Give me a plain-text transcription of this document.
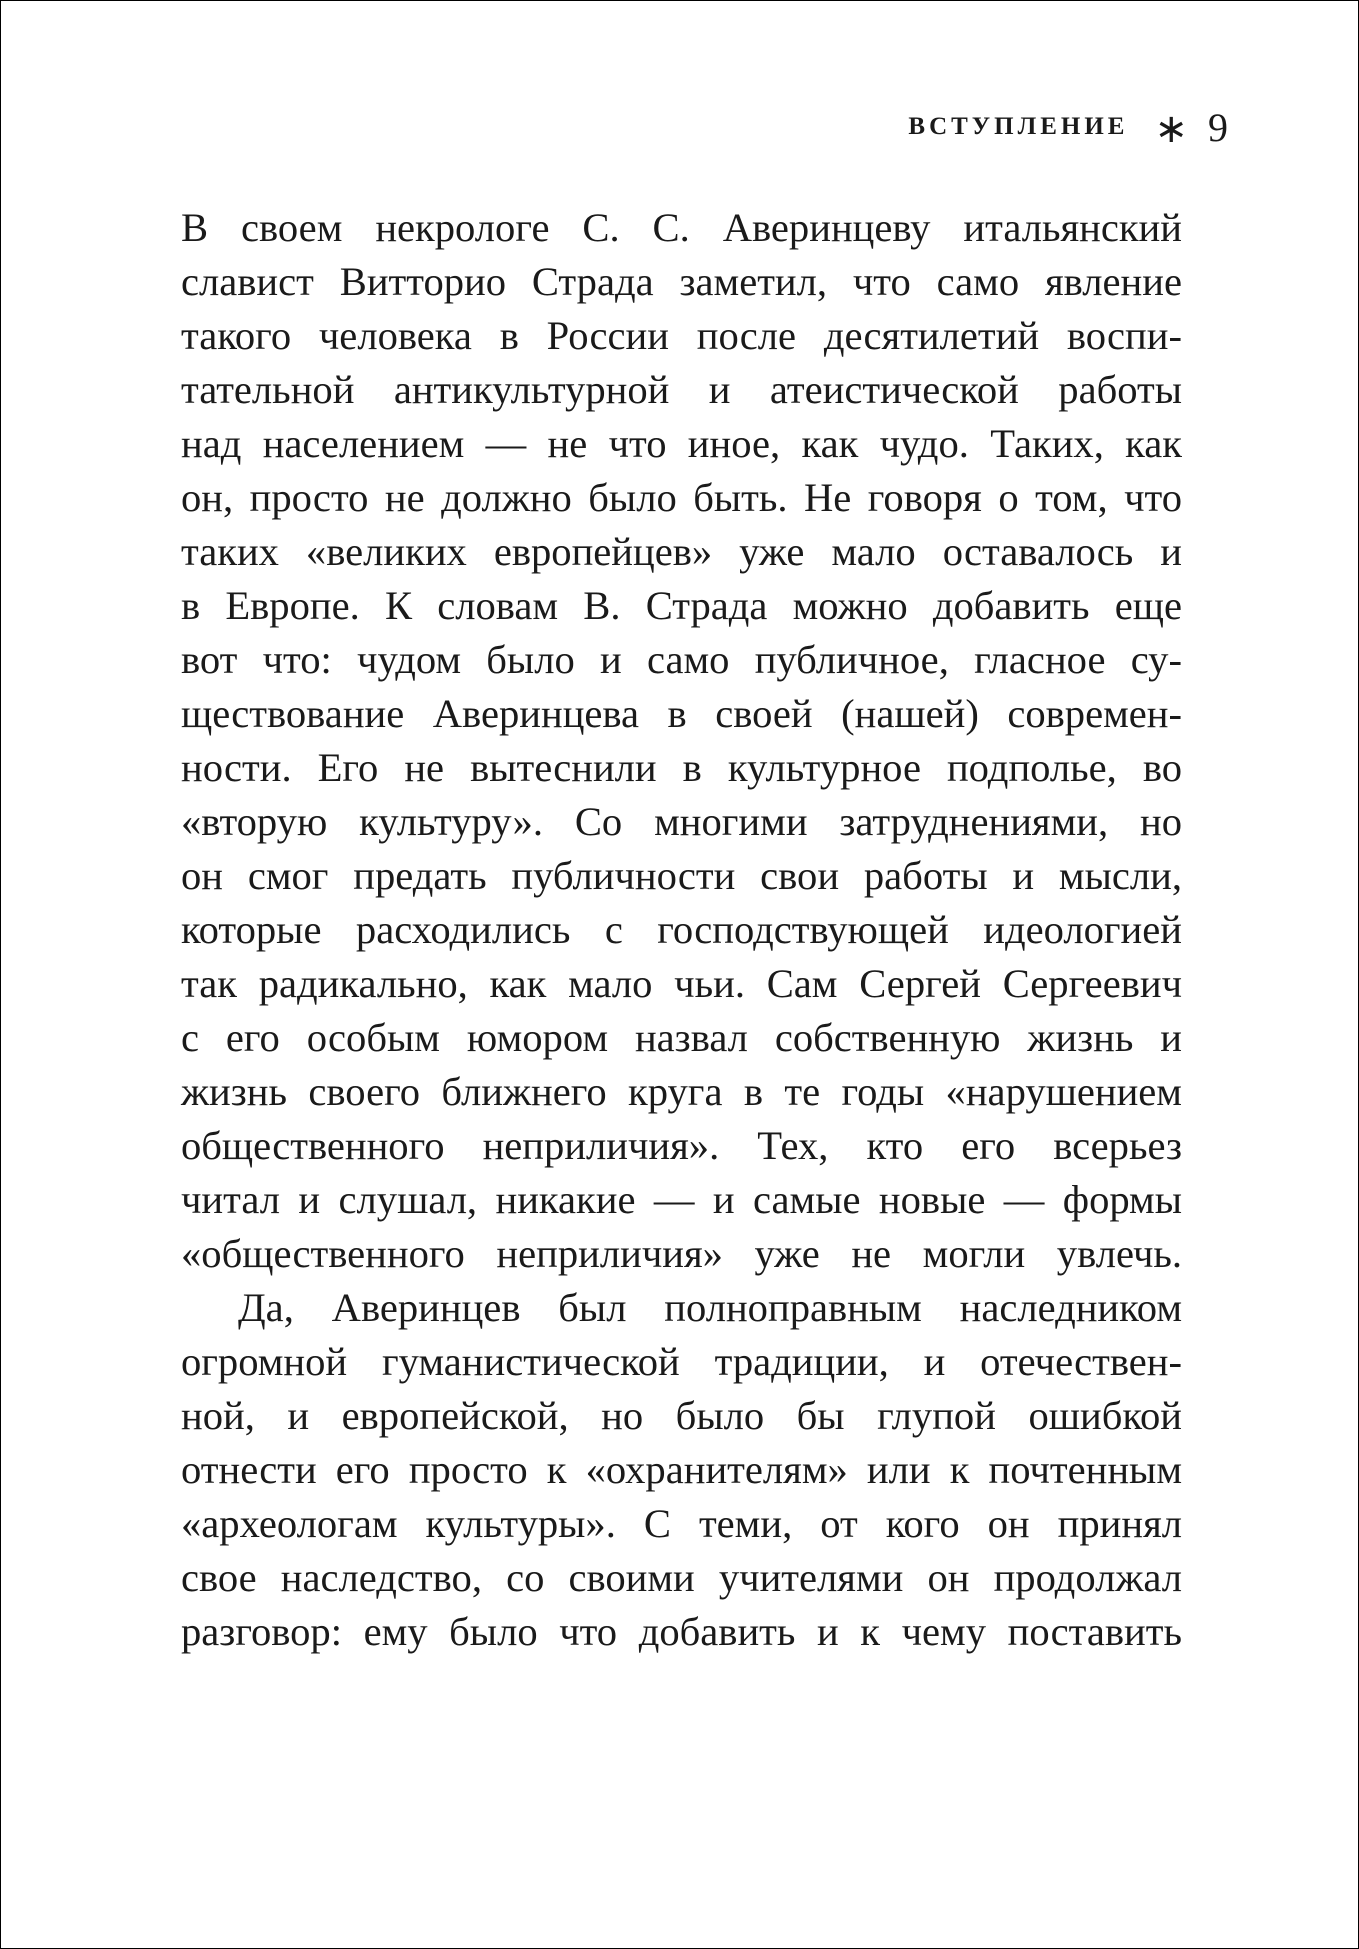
ВСТУПЛЕНИЕ ∗ 9
В своем некрологе С. С. Аверинцеву итальянский
славист Витторио Страда заметил, что само явление
такого человека в России после десятилетий воспи-
тательной антикультурной и атеистической работы
над населением — не что иное, как чудо. Таких, как
он, просто не должно было быть. Не говоря о том, что
таких «великих европейцев» уже мало оставалось и
в Европе. К словам В. Страда можно добавить еще
вот что: чудом было и само публичное, гласное су-
ществование Аверинцева в своей (нашей) современ-
ности. Его не вытеснили в культурное подполье, во
«вторую культуру». Со многими затруднениями, но
он смог предать публичности свои работы и мысли,
которые расходились с господствующей идеологией
так радикально, как мало чьи. Сам Сергей Сергеевич
с его особым юмором назвал собственную жизнь и
жизнь своего ближнего круга в те годы «нарушением
общественного неприличия». Тех, кто его всерьез
читал и слушал, никакие — и самые новые — формы
«общественного неприличия» уже не могли увлечь.
Да, Аверинцев был полноправным наследником
огромной гуманистической традиции, и отечествен-
ной, и европейской, но было бы глупой ошибкой
отнести его просто к «охранителям» или к почтенным
«археологам культуры». С теми, от кого он принял
свое наследство, со своими учителями он продолжал
разговор: ему было что добавить и к чему поставить
